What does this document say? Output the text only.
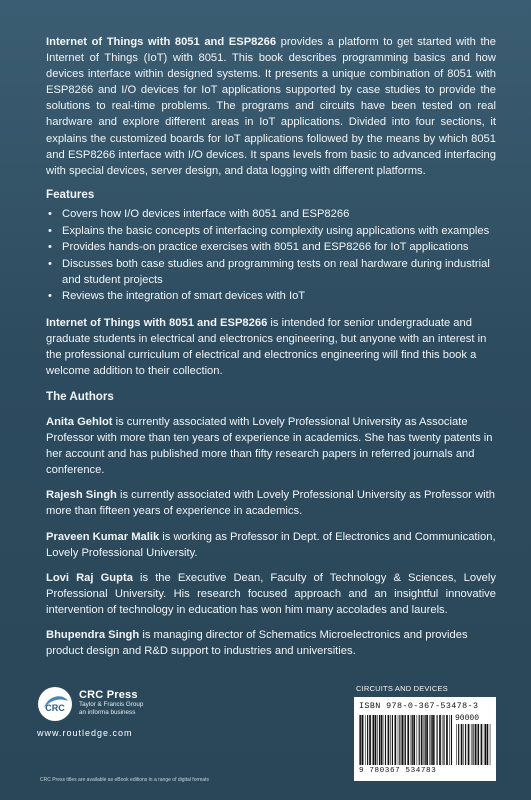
Internet of Things with 8051 and ESP8266 provides a platform to get started with the Internet of Things (IoT) with 8051. This book describes programming basics and how devices interface within designed systems. It presents a unique combination of 8051 with ESP8266 and I/O devices for IoT applications supported by case studies to provide the solutions to real-time problems. The programs and circuits have been tested on real hardware and explore different areas in IoT applications. Divided into four sections, it explains the customized boards for IoT applications followed by the means by which 8051 and ESP8266 interface with I/O devices. It spans levels from basic to advanced interfacing with special devices, server design, and data logging with different platforms.

Features

• Covers how I/O devices interface with 8051 and ESP8266
• Explains the basic concepts of interfacing complexity using applications with examples
• Provides hands-on practice exercises with 8051 and ESP8266 for IoT applications
• Discusses both case studies and programming tests on real hardware during industrial and student projects
• Reviews the integration of smart devices with IoT

Internet of Things with 8051 and ESP8266 is intended for senior undergraduate and graduate students in electrical and electronics engineering, but anyone with an interest in the professional curriculum of electrical and electronics engineering will find this book a welcome addition to their collection.

The Authors

Anita Gehlot is currently associated with Lovely Professional University as Associate Professor with more than ten years of experience in academics. She has twenty patents in her account and has published more than fifty research papers in referred journals and conference.

Rajesh Singh is currently associated with Lovely Professional University as Professor with more than fifteen years of experience in academics.

Praveen Kumar Malik is working as Professor in Dept. of Electronics and Communication, Lovely Professional University.

Lovi Raj Gupta is the Executive Dean, Faculty of Technology & Sciences, Lovely Professional University. His research focused approach and an insightful innovative intervention of technology in education has won him many accolades and laurels.

Bhupendra Singh is managing director of Schematics Microelectronics and provides product design and R&D support to industries and universities.

CRC
CRC Press
Taylor & Francis Group
an informa business
www.routledge.com
CRC Press titles are available as eBook editions in a range of digital formats
CIRCUITS AND DEVICES
ISBN 978-0-367-53478-3
90000
9 780367 534783
